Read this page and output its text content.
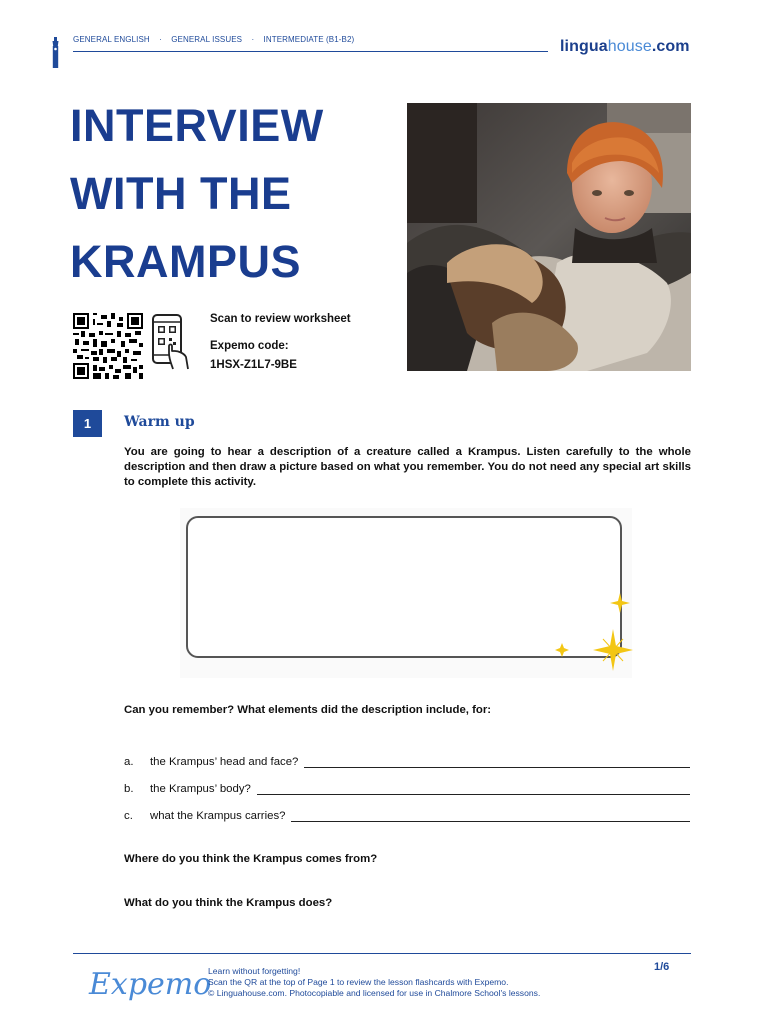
GENERAL ENGLISH · GENERAL ISSUES · INTERMEDIATE (B1-B2)	linguahouse.com
INTERVIEW
WITH THE
KRAMPUS
Scan to review worksheet
Expemo code:
1HSX-Z1L7-9BE
1	Warm up
You are going to hear a description of a creature called a Krampus. Listen carefully to the whole description and then draw a picture based on what you remember. You do not need any special art skills to complete this activity.
Can you remember? What elements did the description include, for:
a.	the Krampus’ head and face?
b.	the Krampus’ body?
c.	what the Krampus carries?
Where do you think the Krampus comes from?
What do you think the Krampus does?
Expemo
Learn without forgetting!
Scan the QR at the top of Page 1 to review the lesson flashcards with Expemo.
© Linguahouse.com. Photocopiable and licensed for use in Chalmore School's lessons.
1/6
